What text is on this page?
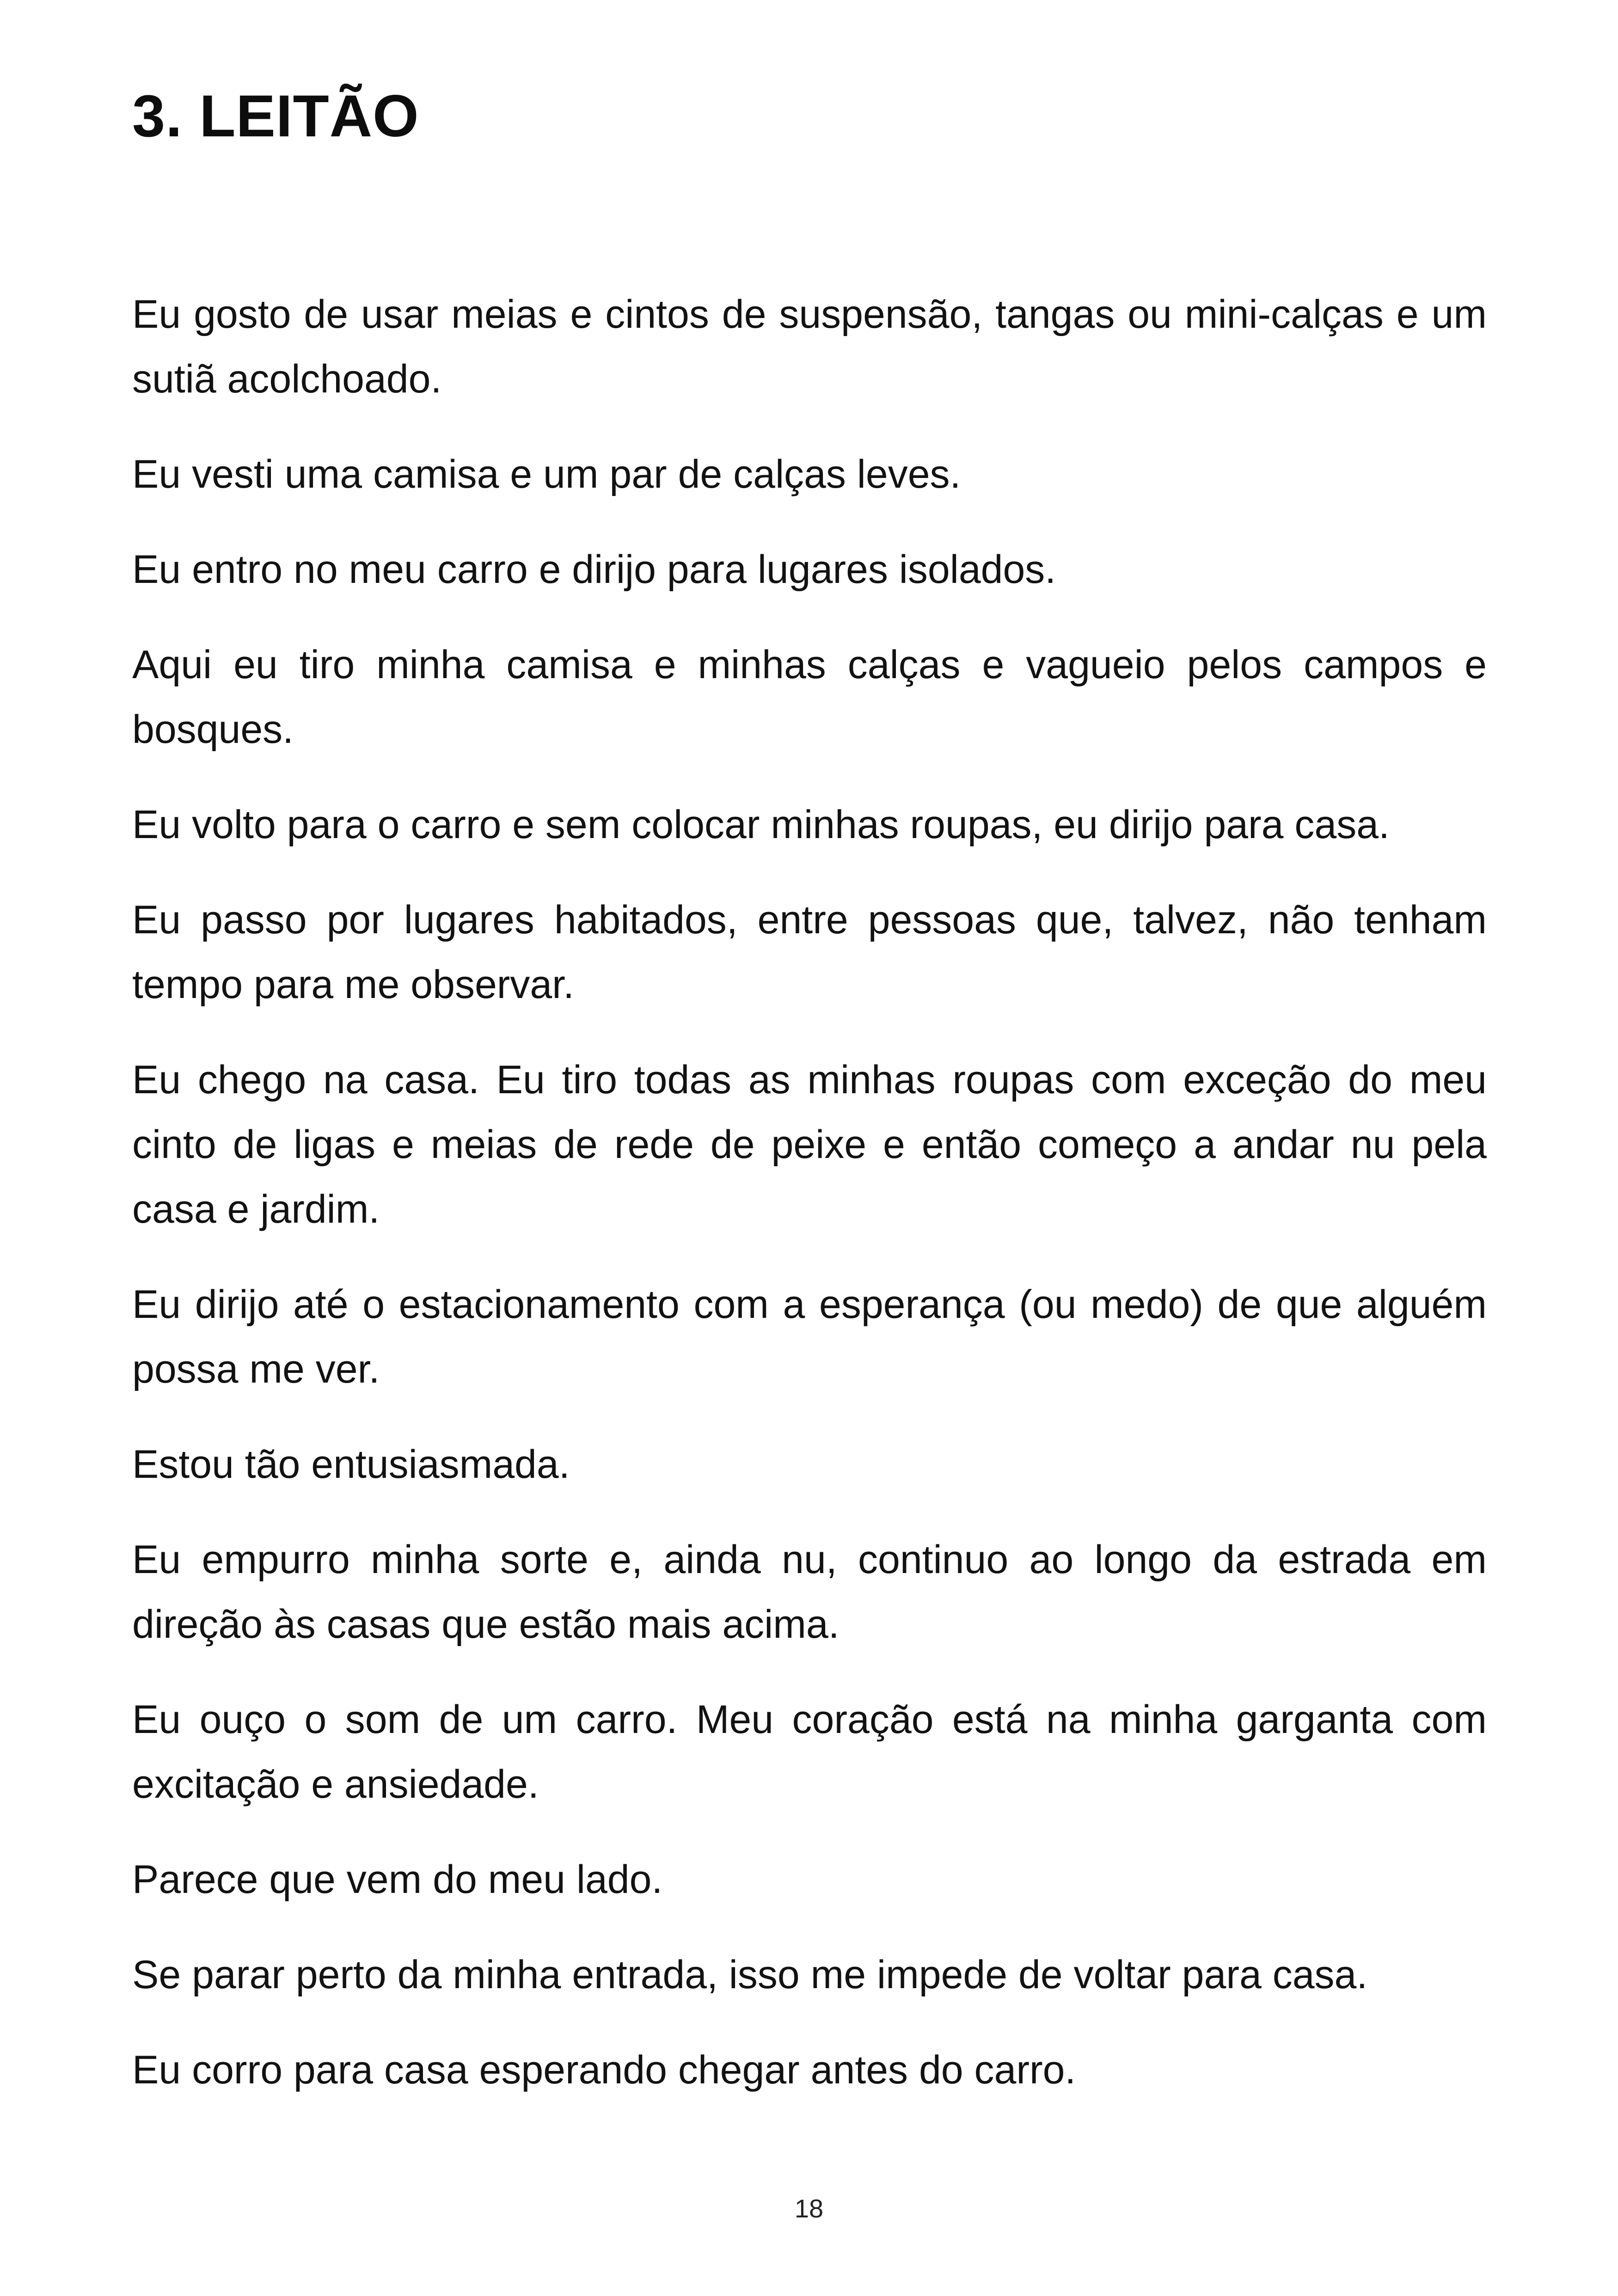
3. LEITÃO

Eu gosto de usar meias e cintos de suspensão, tangas ou mini-calças e um sutiã acolchoado.

Eu vesti uma camisa e um par de calças leves.

Eu entro no meu carro e dirijo para lugares isolados.

Aqui eu tiro minha camisa e minhas calças e vagueio pelos campos e bosques.

Eu volto para o carro e sem colocar minhas roupas, eu dirijo para casa.

Eu passo por lugares habitados, entre pessoas que, talvez, não tenham tempo para me observar.

Eu chego na casa. Eu tiro todas as minhas roupas com exceção do meu cinto de ligas e meias de rede de peixe e então começo a andar nu pela casa e jardim.

Eu dirijo até o estacionamento com a esperança (ou medo) de que alguém possa me ver.

Estou tão entusiasmada.

Eu empurro minha sorte e, ainda nu, continuo ao longo da estrada em direção às casas que estão mais acima.

Eu ouço o som de um carro. Meu coração está na minha garganta com excitação e ansiedade.

Parece que vem do meu lado.

Se parar perto da minha entrada, isso me impede de voltar para casa.

Eu corro para casa esperando chegar antes do carro.

18
